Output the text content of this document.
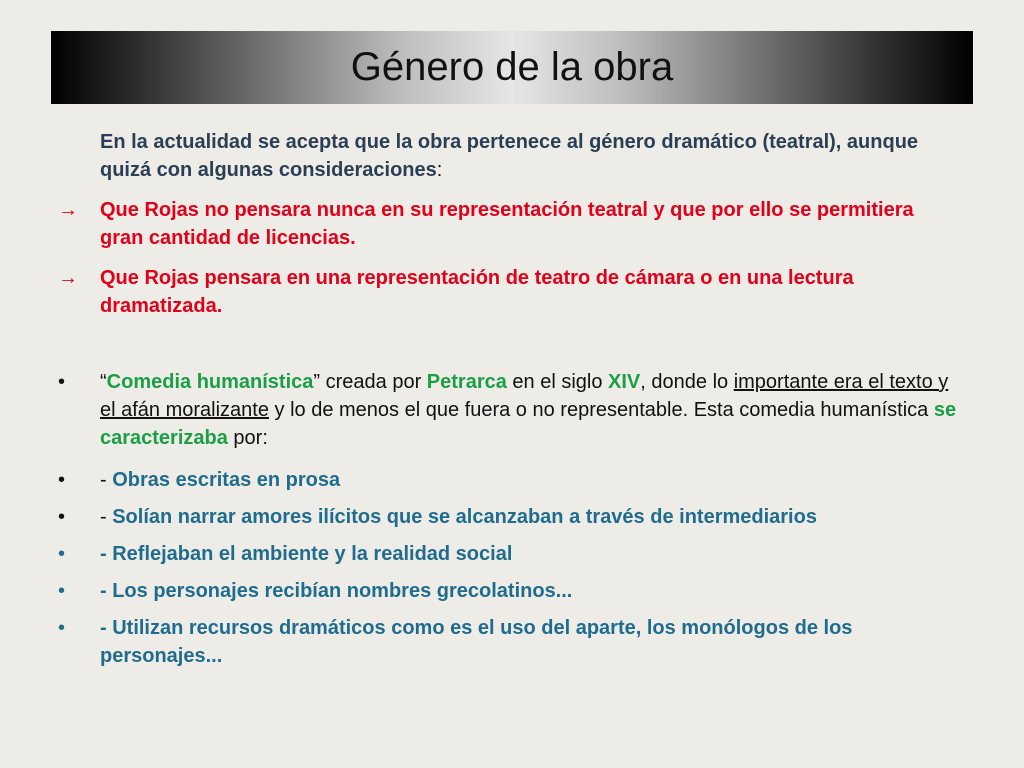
Género de la obra
En la actualidad se acepta que la obra pertenece al género dramático (teatral), aunque quizá con algunas consideraciones:
→	Que Rojas no pensara nunca en su representación teatral y que por ello se permitiera gran cantidad de licencias.
→	Que Rojas pensara en una representación de teatro de cámara o en una lectura dramatizada.
•	“Comedia humanística” creada por Petrarca en el siglo XIV, donde lo importante era el texto y el afán moralizante y lo de menos el que fuera o no representable. Esta comedia humanística se caracterizaba por:
•	- Obras escritas en prosa
•	- Solían narrar amores ilícitos que se alcanzaban a través de intermediarios
•	- Reflejaban el ambiente y la realidad social
•	- Los personajes recibían nombres grecolatinos...
•	- Utilizan recursos dramáticos como es el uso del aparte, los monólogos de los personajes...
